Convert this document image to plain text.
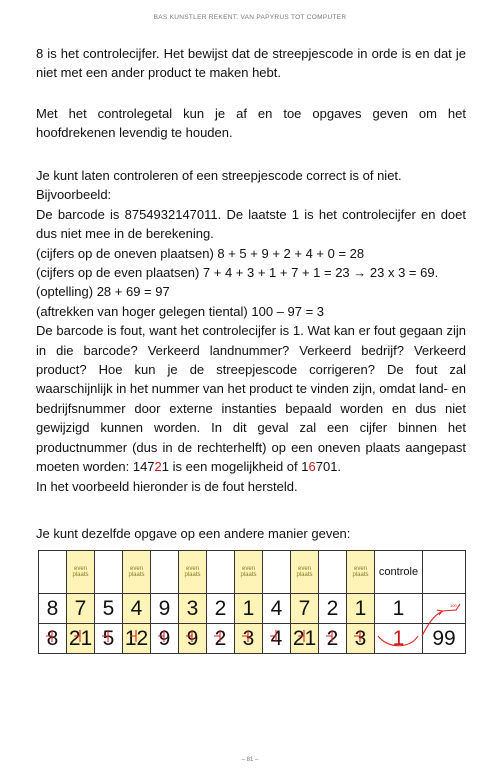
BAS KUNSTLER REKENT. VAN PAPYRUS TOT COMPUTER

8 is het controlecijfer. Het bewijst dat de streepjescode in orde is en dat je niet met een ander product te maken hebt.

Met het controlegetal kun je af en toe opgaves geven om het hoofdrekenen levendig te houden.

Je kunt laten controleren of een streepjescode correct is of niet.

Bijvoorbeeld:

De barcode is 8754932147011. De laatste 1 is het controlecijfer en doet dus niet mee in de berekening.

(cijfers op de oneven plaatsen) 8 + 5 + 9 + 2 + 4 + 0 = 28

(cijfers op de even plaatsen) 7 + 4 + 3 + 1 + 7 + 1 = 23 → 23 x 3 = 69.

(optelling) 28 + 69 = 97

(aftrekken van hoger gelegen tiental) 100 – 97 = 3

De barcode is fout, want het controlecijfer is 1. Wat kan er fout gegaan zijn in die barcode? Verkeerd landnummer? Verkeerd bedrijf? Verkeerd product? Hoe kun je de streepjescode corrigeren? De fout zal waarschijnlijk in het nummer van het product te vinden zijn, omdat land- en bedrijfsnummer door externe instanties bepaald worden en dus niet gewijzigd kunnen worden. In dit geval zal een cijfer binnen het productnummer (dus in de rechterhelft) op een oneven plaats aangepast moeten worden: 14721 is een mogelijkheid of 16701.

In het voorbeeld hieronder is de fout hersteld.

Je kunt dezelfde opgave op een andere manier geven:

	even plaats		even plaats		even plaats		even plaats		even plaats		even plaats	controle	
8	7	5	4	9	3	2	1	4	7	2	1	1	
8	21	5	12	9	9	2	3	4	21	2	3	1	99
100 −
– 81 –
